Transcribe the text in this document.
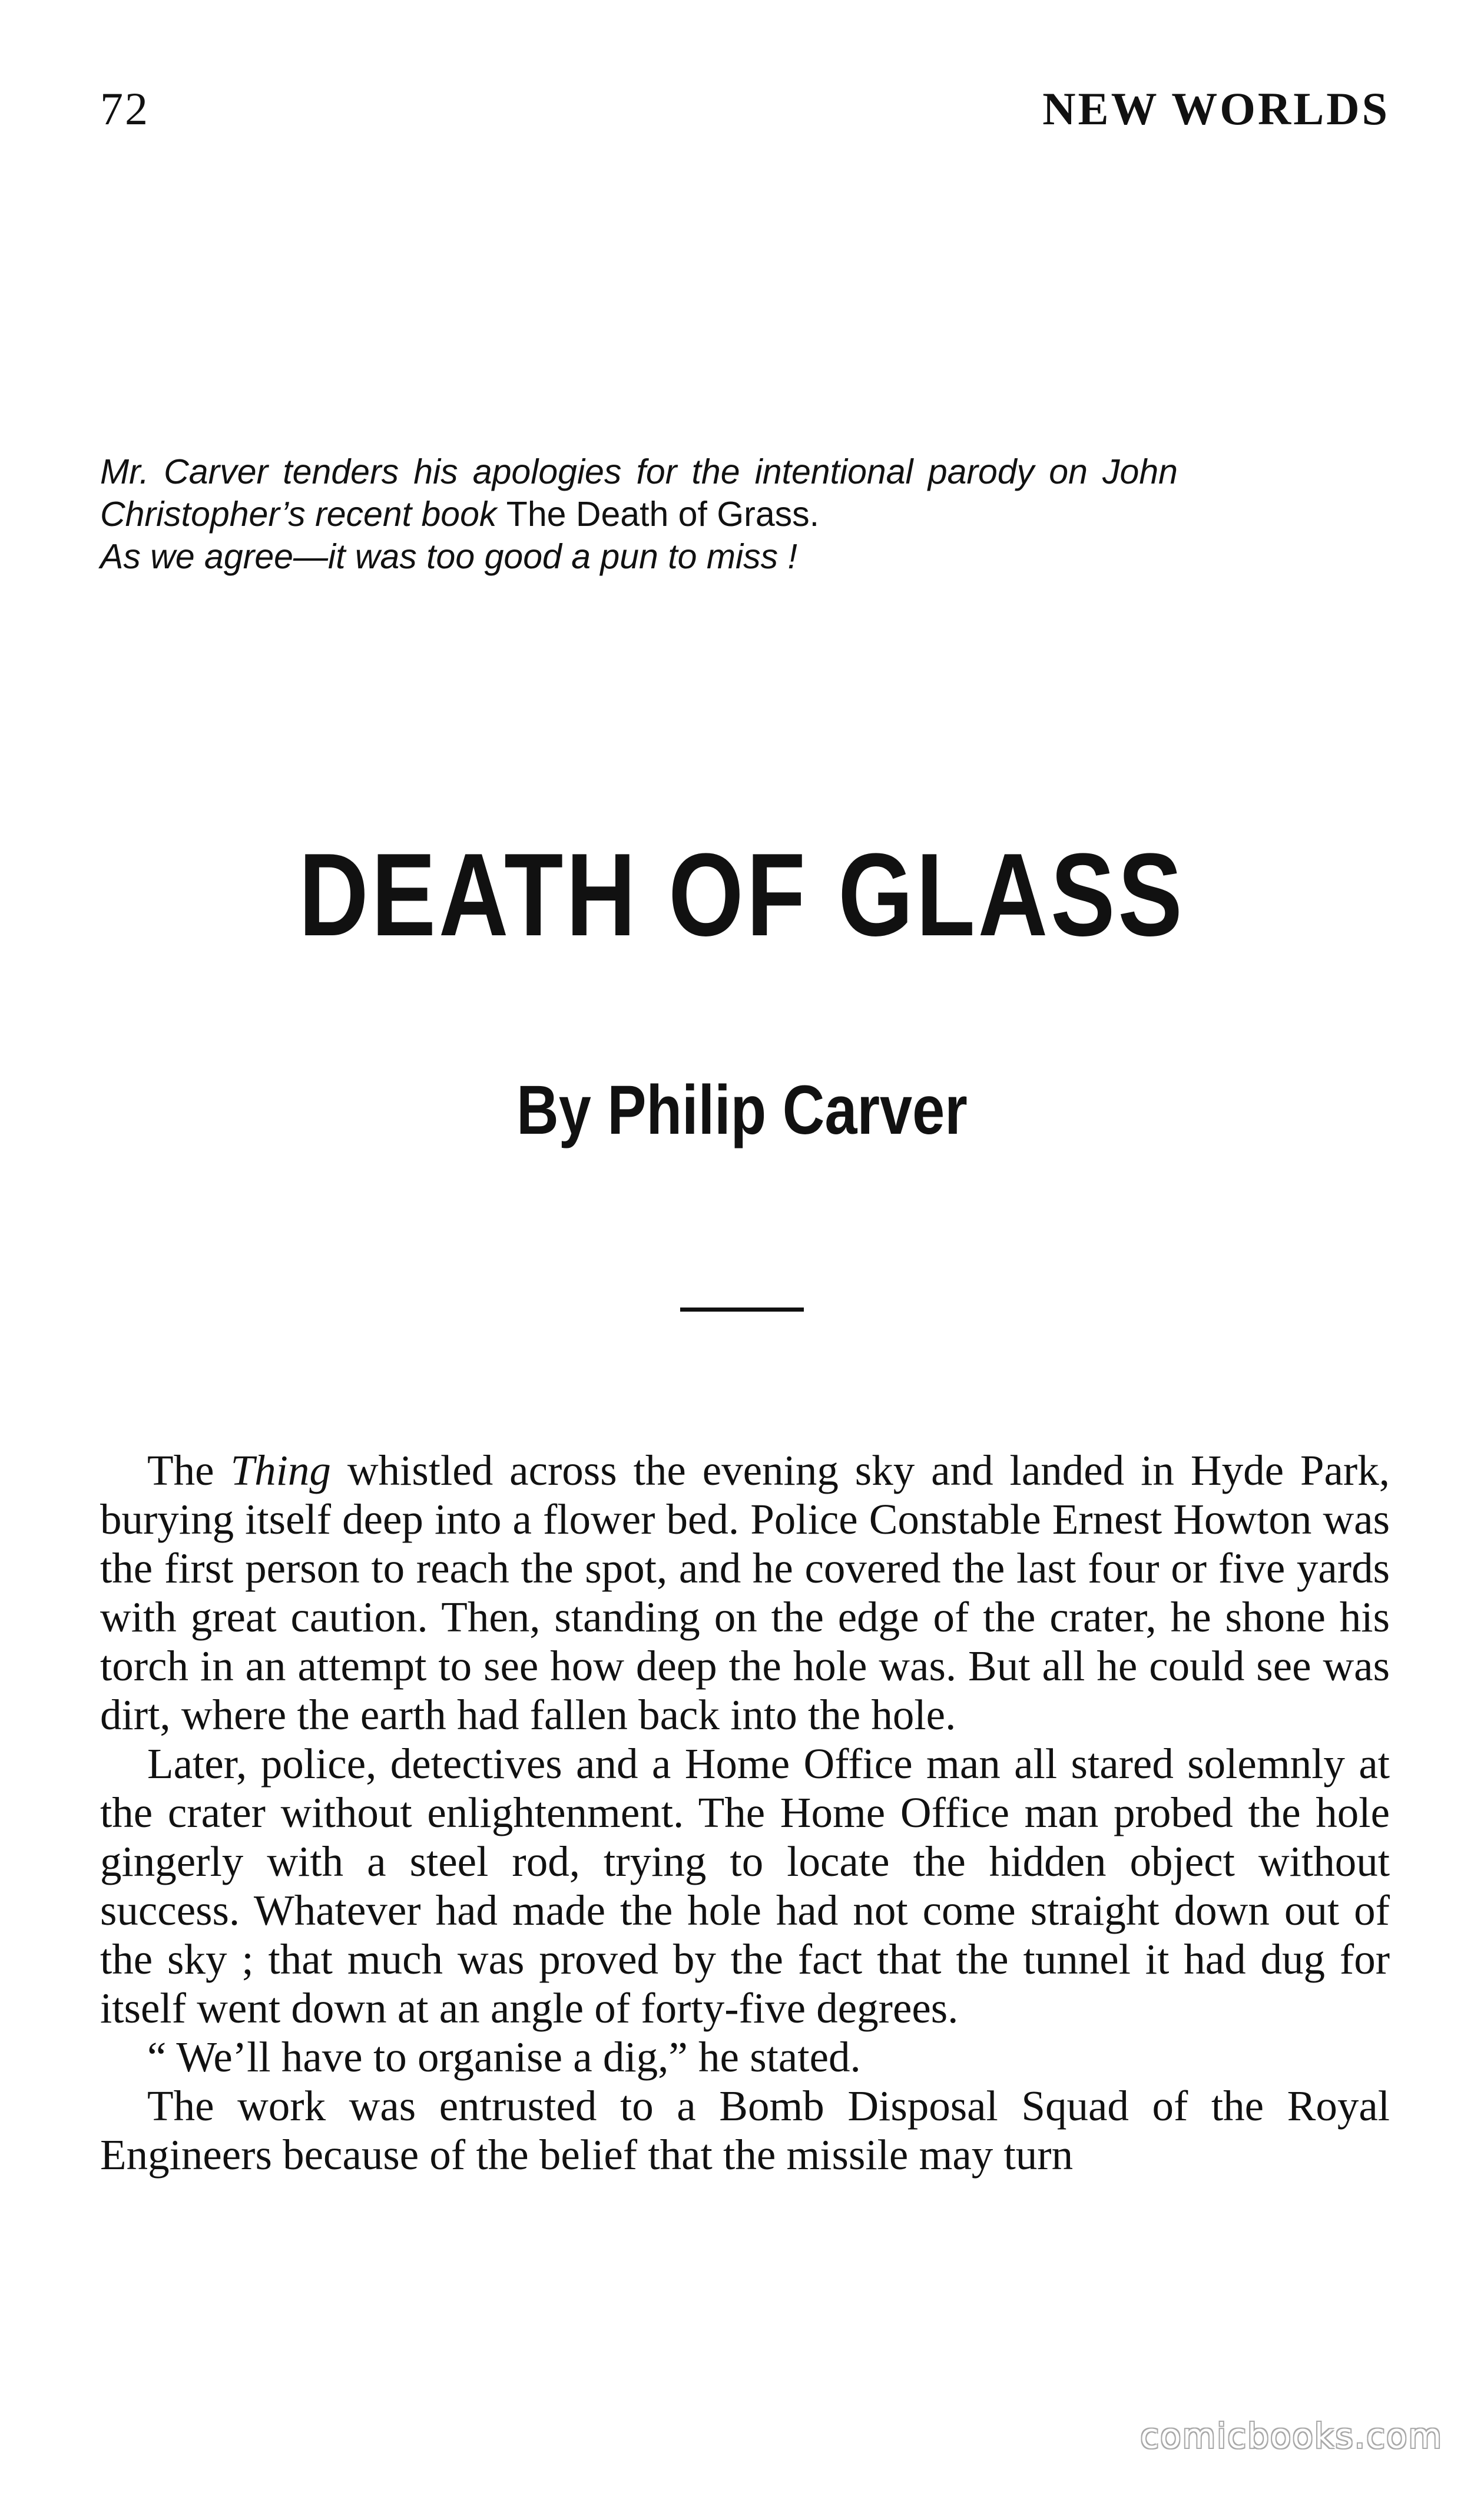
72	NEW WORLDS
Mr. Carver tenders his apologies for the intentional parody on John Christopher’s recent book The Death of Grass.
As we agree—it was too good a pun to miss !
DEATH OF GLASS
By Philip Carver

The Thing whistled across the evening sky and landed in Hyde Park, burying itself deep into a flower bed. Police Constable Ernest Howton was the first person to reach the spot, and he covered the last four or five yards with great caution. Then, standing on the edge of the crater, he shone his torch in an attempt to see how deep the hole was. But all he could see was dirt, where the earth had fallen back into the hole.

Later, police, detectives and a Home Office man all stared solemnly at the crater without enlightenment. The Home Office man probed the hole gingerly with a steel rod, trying to locate the hidden object without success. Whatever had made the hole had not come straight down out of the sky ; that much was proved by the fact that the tunnel it had dug for itself went down at an angle of forty-five degrees.

“ We’ll have to organise a dig,” he stated.

The work was entrusted to a Bomb Disposal Squad of the Royal Engineers because of the belief that the missile may turn

comicbooks.com
